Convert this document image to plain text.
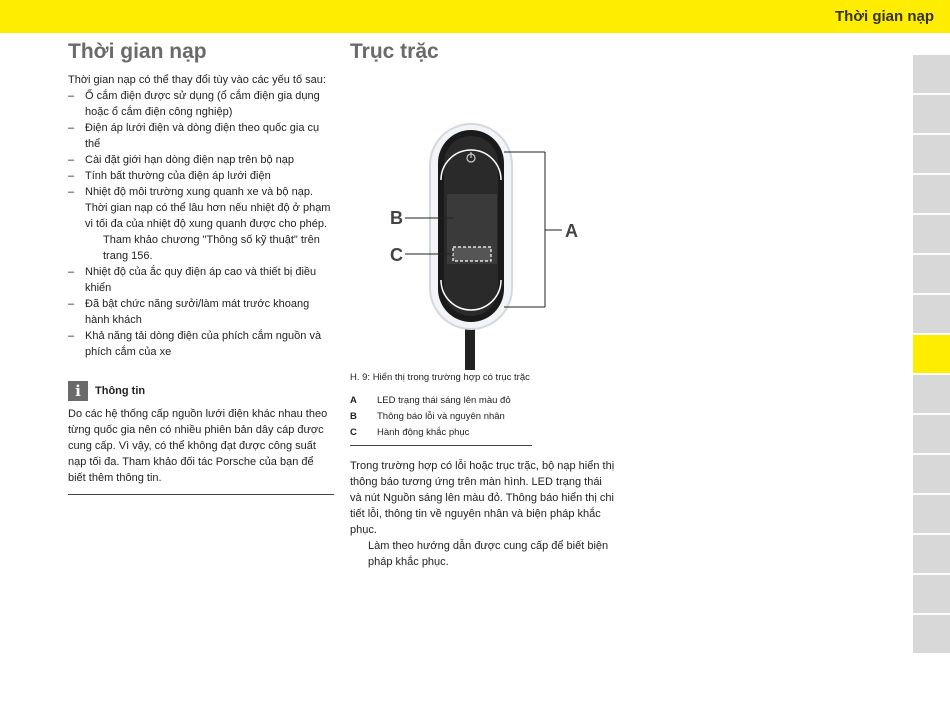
Thời gian nạp
Thời gian nạp

Thời gian nạp có thể thay đổi tùy vào các yếu tố sau:

– Ổ cắm điện được sử dụng (ổ cắm điện gia dụng hoặc ổ cắm điện công nghiệp)
– Điện áp lưới điện và dòng điện theo quốc gia cụ thể
– Cài đặt giới hạn dòng điện nạp trên bộ nạp
– Tính bất thường của điện áp lưới điện
– Nhiệt độ môi trường xung quanh xe và bộ nạp. Thời gian nạp có thể lâu hơn nếu nhiệt độ ở phạm vi tối đa của nhiệt độ xung quanh được cho phép.
▷ Tham khảo chương "Thông số kỹ thuật" trên trang 156.
– Nhiệt độ của ắc quy điện áp cao và thiết bị điều khiển
– Đã bật chức năng sưởi/làm mát trước khoang hành khách
– Khả năng tải dòng điện của phích cắm nguồn và phích cắm của xe
i	Thông tin
Do các hệ thống cấp nguồn lưới điện khác nhau theo từng quốc gia nên có nhiều phiên bản dây cáp được cung cấp. Vì vậy, có thể không đạt được công suất nạp tối đa. Tham khảo đối tác Porsche của bạn để biết thêm thông tin.
Trục trặc
A
B
C
H. 9: Hiển thị trong trường hợp có trục trặc
A	LED trạng thái sáng lên màu đỏ
B	Thông báo lỗi và nguyên nhân
C	Hành động khắc phục

Trong trường hợp có lỗi hoặc trục trặc, bộ nạp hiển thị thông báo tương ứng trên màn hình. LED trạng thái và nút Nguồn sáng lên màu đỏ. Thông báo hiển thị chi tiết lỗi, thông tin về nguyên nhân và biện pháp khắc phục.

▷ Làm theo hướng dẫn được cung cấp để biết biện pháp khắc phục.
